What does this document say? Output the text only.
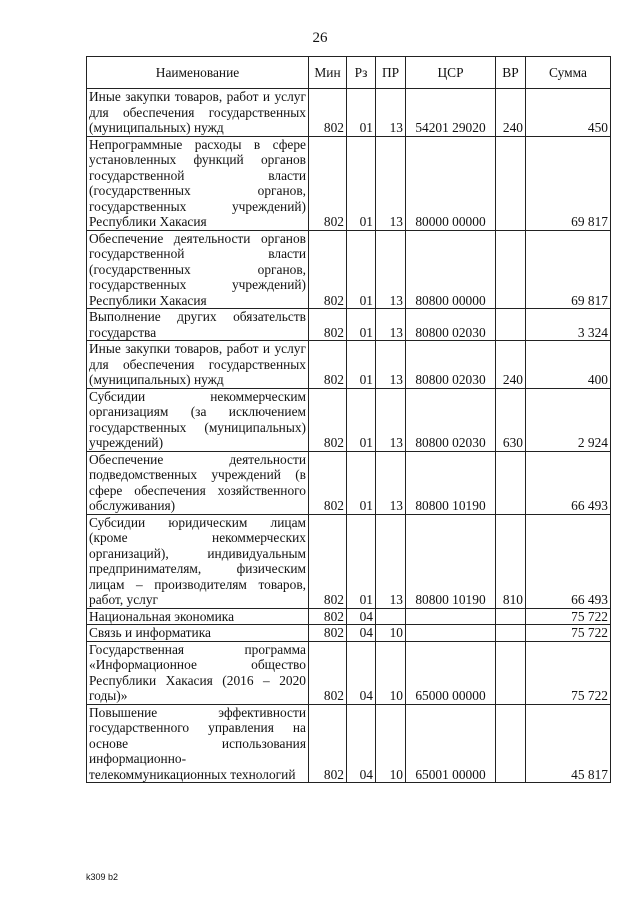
26
Наименование	Мин	Рз	ПР	ЦСР	ВР	Сумма
Иные закупки товаров, работ и услуг для обеспечения государственных (муниципальных) нужд	802	01	13	54201 29020	240	450
Непрограммные расходы в сфере установленных функций органов государственной власти (государственных органов, государственных учреждений) Республики Хакасия	802	01	13	80000 00000		69 817
Обеспечение деятельности органов государственной власти (государственных органов, государственных учреждений) Республики Хакасия	802	01	13	80800 00000		69 817
Выполнение других обязательств государства	802	01	13	80800 02030		3 324
Иные закупки товаров, работ и услуг для обеспечения государственных (муниципальных) нужд	802	01	13	80800 02030	240	400
Субсидии некоммерческим организациям (за исключением государственных (муниципальных) учреждений)	802	01	13	80800 02030	630	2 924
Обеспечение деятельности подведомственных учреждений (в сфере обеспечения хозяйственного обслуживания)	802	01	13	80800 10190		66 493
Субсидии юридическим лицам (кроме некоммерческих организаций), индивидуальным предпринимателям, физическим лицам – производителям товаров, работ, услуг	802	01	13	80800 10190	810	66 493
Национальная экономика	802	04				75 722
Связь и информатика	802	04	10			75 722
Государственная программа «Информационное общество Республики Хакасия (2016 – 2020 годы)»	802	04	10	65000 00000		75 722
Повышение эффективности государственного управления на основе использования информационно-телекоммуникационных технологий	802	04	10	65001 00000		45 817
k309 b2
